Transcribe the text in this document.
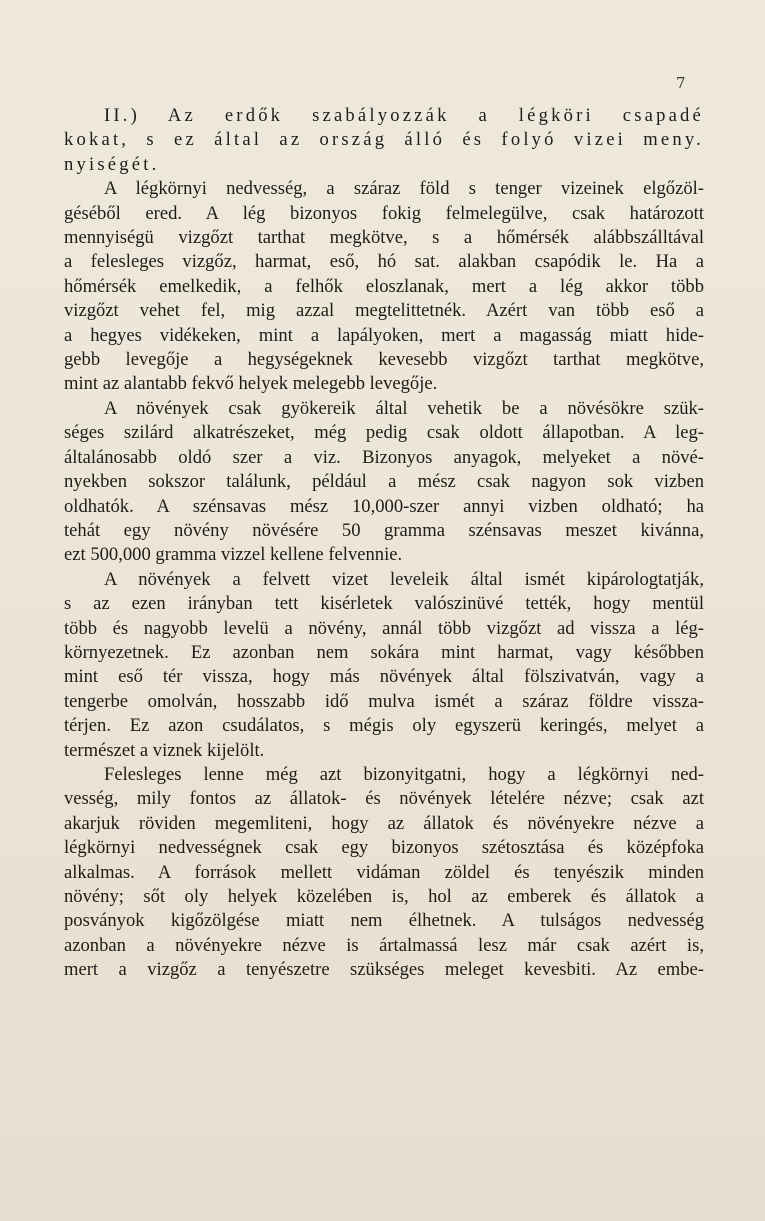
7
II.) Az erdők szabályozzák a légköri csapadé
kokat, s ez által az ország álló és folyó vizei meny.
nyiségét.
A légkörnyi nedvesség, a száraz föld s tenger vizeinek elgőzöl-
géséből ered. A lég bizonyos fokig felmelegülve, csak határozott
mennyiségü vizgőzt tarthat megkötve, s a hőmérsék alábbszálltával
a felesleges vizgőz, harmat, eső, hó sat. alakban csapódik le. Ha a
hőmérsék emelkedik, a felhők eloszlanak, mert a lég akkor több
vizgőzt vehet fel, mig azzal megtelittetnék. Azért van több eső a
a hegyes vidékeken, mint a lapályoken, mert a magasság miatt hide-
gebb levegője a hegységeknek kevesebb vizgőzt tarthat megkötve,
mint az alantabb fekvő helyek melegebb levegője.
A növények csak gyökereik által vehetik be a növésökre szük-
séges szilárd alkatrészeket, még pedig csak oldott állapotban. A leg-
általánosabb oldó szer a viz. Bizonyos anyagok, melyeket a növé-
nyekben sokszor találunk, például a mész csak nagyon sok vizben
oldhatók. A szénsavas mész 10,000-szer annyi vizben oldható; ha
tehát egy növény növésére 50 gramma szénsavas meszet kivánna,
ezt 500,000 gramma vizzel kellene felvennie.
A növények a felvett vizet leveleik által ismét kipárologtatják,
s az ezen irányban tett kisérletek valószinüvé tették, hogy mentül
több és nagyobb levelü a növény, annál több vizgőzt ad vissza a lég-
környezetnek. Ez azonban nem sokára mint harmat, vagy későbben
mint eső tér vissza, hogy más növények által fölszivatván, vagy a
tengerbe omolván, hosszabb idő mulva ismét a száraz földre vissza-
térjen. Ez azon csudálatos, s mégis oly egyszerü keringés, melyet a
természet a viznek kijelölt.
Felesleges lenne még azt bizonyitgatni, hogy a légkörnyi ned-
vesség, mily fontos az állatok- és növények lételére nézve; csak azt
akarjuk röviden megemliteni, hogy az állatok és növényekre nézve a
légkörnyi nedvességnek csak egy bizonyos szétosztása és középfoka
alkalmas. A források mellett vidáman zöldel és tenyészik minden
növény; sőt oly helyek közelében is, hol az emberek és állatok a
posványok kigőzölgése miatt nem élhetnek. A tulságos nedvesség
azonban a növényekre nézve is ártalmassá lesz már csak azért is,
mert a vizgőz a tenyészetre szükséges meleget kevesbiti. Az embe-
